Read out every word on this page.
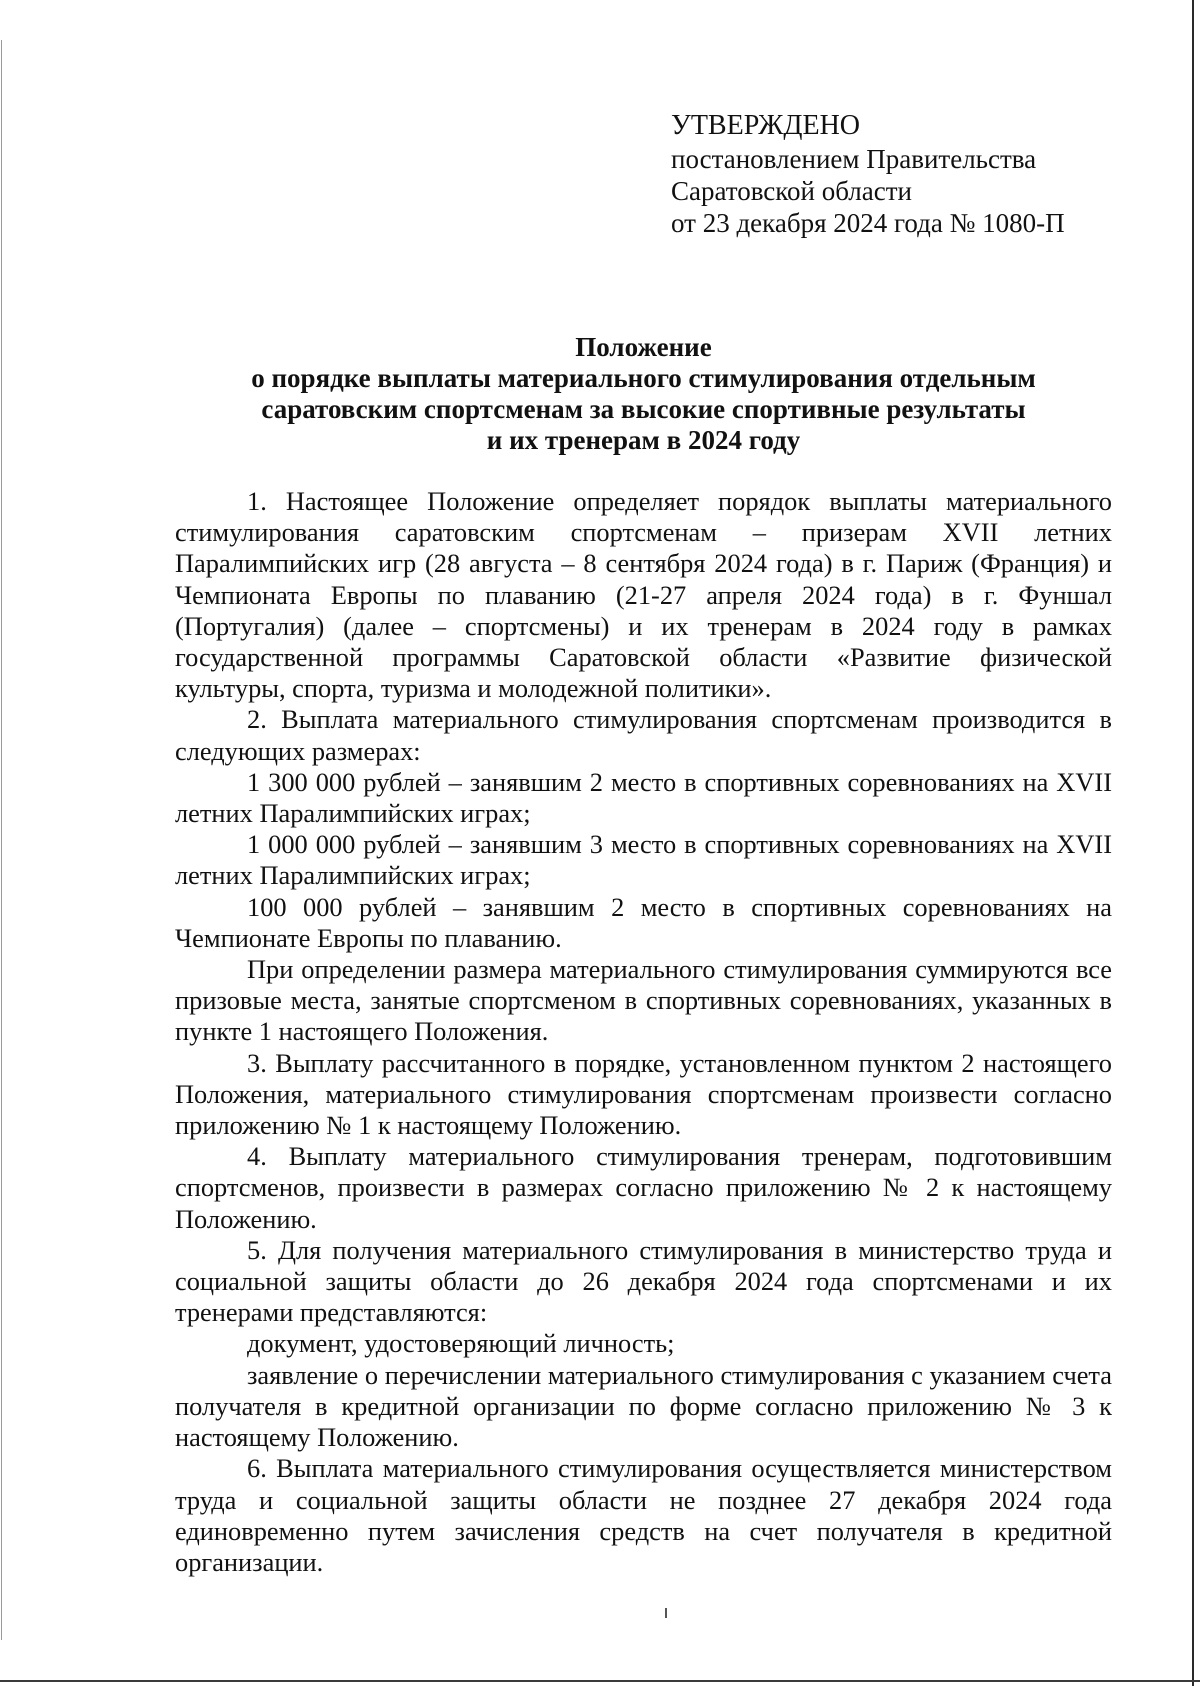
УТВЕРЖДЕНО
постановлением Правительства
Саратовской области
от 23 декабря 2024 года № 1080-П
Положение
о порядке выплаты материального стимулирования отдельным
саратовским спортсменам за высокие спортивные результаты
и их тренерам в 2024 году

1. Настоящее Положение определяет порядок выплаты материального стимулирования саратовским спортсменам – призерам XVII летних Паралимпийских игр (28 августа – 8 сентября 2024 года) в г. Париж (Франция) и Чемпионата Европы по плаванию (21-27 апреля 2024 года) в г. Фуншал (Португалия) (далее – спортсмены) и их тренерам в 2024 году в рамках государственной программы Саратовской области «Развитие физической культуры, спорта, туризма и молодежной политики».

2. Выплата материального стимулирования спортсменам производится в следующих размерах:

1 300 000 рублей – занявшим 2 место в спортивных соревнованиях на XVII летних Паралимпийских играх;

1 000 000 рублей – занявшим 3 место в спортивных соревнованиях на XVII летних Паралимпийских играх;

100 000 рублей – занявшим 2 место в спортивных соревнованиях на Чемпионате Европы по плаванию.

При определении размера материального стимулирования суммируются все призовые места, занятые спортсменом в спортивных соревнованиях, указанных в пункте 1 настоящего Положения.

3. Выплату рассчитанного в порядке, установленном пунктом 2 настоящего Положения, материального стимулирования спортсменам произвести согласно приложению № 1 к настоящему Положению.

4. Выплату материального стимулирования тренерам, подготовившим спортсменов, произвести в размерах согласно приложению № 2 к настоящему Положению.

5. Для получения материального стимулирования в министерство труда и социальной защиты области до 26 декабря 2024 года спортсменами и их тренерами представляются:

документ, удостоверяющий личность;

заявление о перечислении материального стимулирования с указанием счета получателя в кредитной организации по форме согласно приложению № 3 к настоящему Положению.

6. Выплата материального стимулирования осуществляется министерством труда и социальной защиты области не позднее 27 декабря 2024 года единовременно путем зачисления средств на счет получателя в кредитной организации.
